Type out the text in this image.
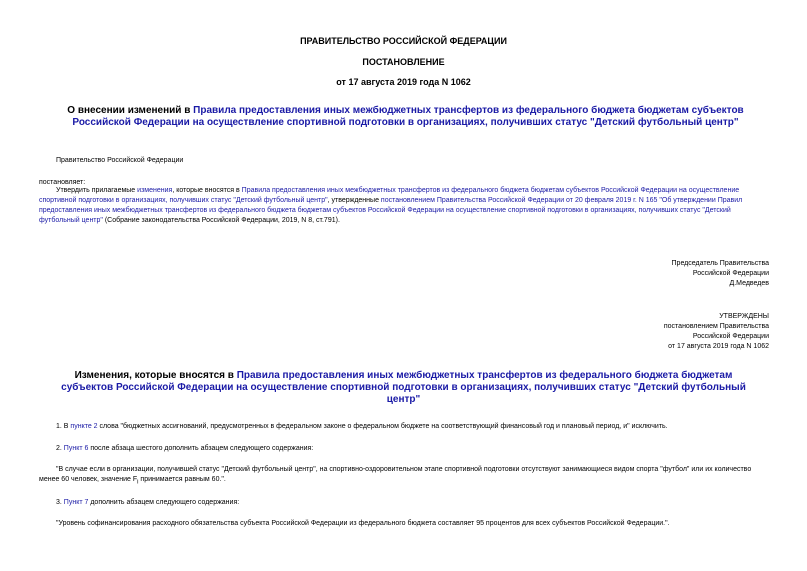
ПРАВИТЕЛЬСТВО РОССИЙСКОЙ ФЕДЕРАЦИИ
ПОСТАНОВЛЕНИЕ
от 17 августа 2019 года N 1062
О внесении изменений в Правила предоставления иных межбюджетных трансфертов из федерального бюджета бюджетам субъектов Российской Федерации на осуществление спортивной подготовки в организациях, получивших статус "Детский футбольный центр"
Правительство Российской Федерации
постановляет:
Утвердить прилагаемые изменения, которые вносятся в Правила предоставления иных межбюджетных трансфертов из федерального бюджета бюджетам субъектов Российской Федерации на осуществление спортивной подготовки в организациях, получивших статус "Детский футбольный центр", утвержденные постановлением Правительства Российской Федерации от 20 февраля 2019 г. N 165 "Об утверждении Правил предоставления иных межбюджетных трансфертов из федерального бюджета бюджетам субъектов Российской Федерации на осуществление спортивной подготовки в организациях, получивших статус "Детский футбольный центр" (Собрание законодательства Российской Федерации, 2019, N 8, ст.791).
Председатель Правительства
Российской Федерации
Д.Медведев
УТВЕРЖДЕНЫ
постановлением Правительства
Российской Федерации
от 17 августа 2019 года N 1062
Изменения, которые вносятся в Правила предоставления иных межбюджетных трансфертов из федерального бюджета бюджетам субъектов Российской Федерации на осуществление спортивной подготовки в организациях, получивших статус "Детский футбольный центр"
1. В пункте 2 слова "бюджетных ассигнований, предусмотренных в федеральном законе о федеральном бюджете на соответствующий финансовый год и плановый период, и" исключить.
2. Пункт 6 после абзаца шестого дополнить абзацем следующего содержания:
"В случае если в организации, получившей статус "Детский футбольный центр", на спортивно-оздоровительном этапе спортивной подготовки отсутствуют занимающиеся видом спорта "футбол" или их количество менее 60 человек, значение $F_i$ принимается равным 60.".
3. Пункт 7 дополнить абзацем следующего содержания:
"Уровень софинансирования расходного обязательства субъекта Российской Федерации из федерального бюджета составляет 95 процентов для всех субъектов Российской Федерации.".
